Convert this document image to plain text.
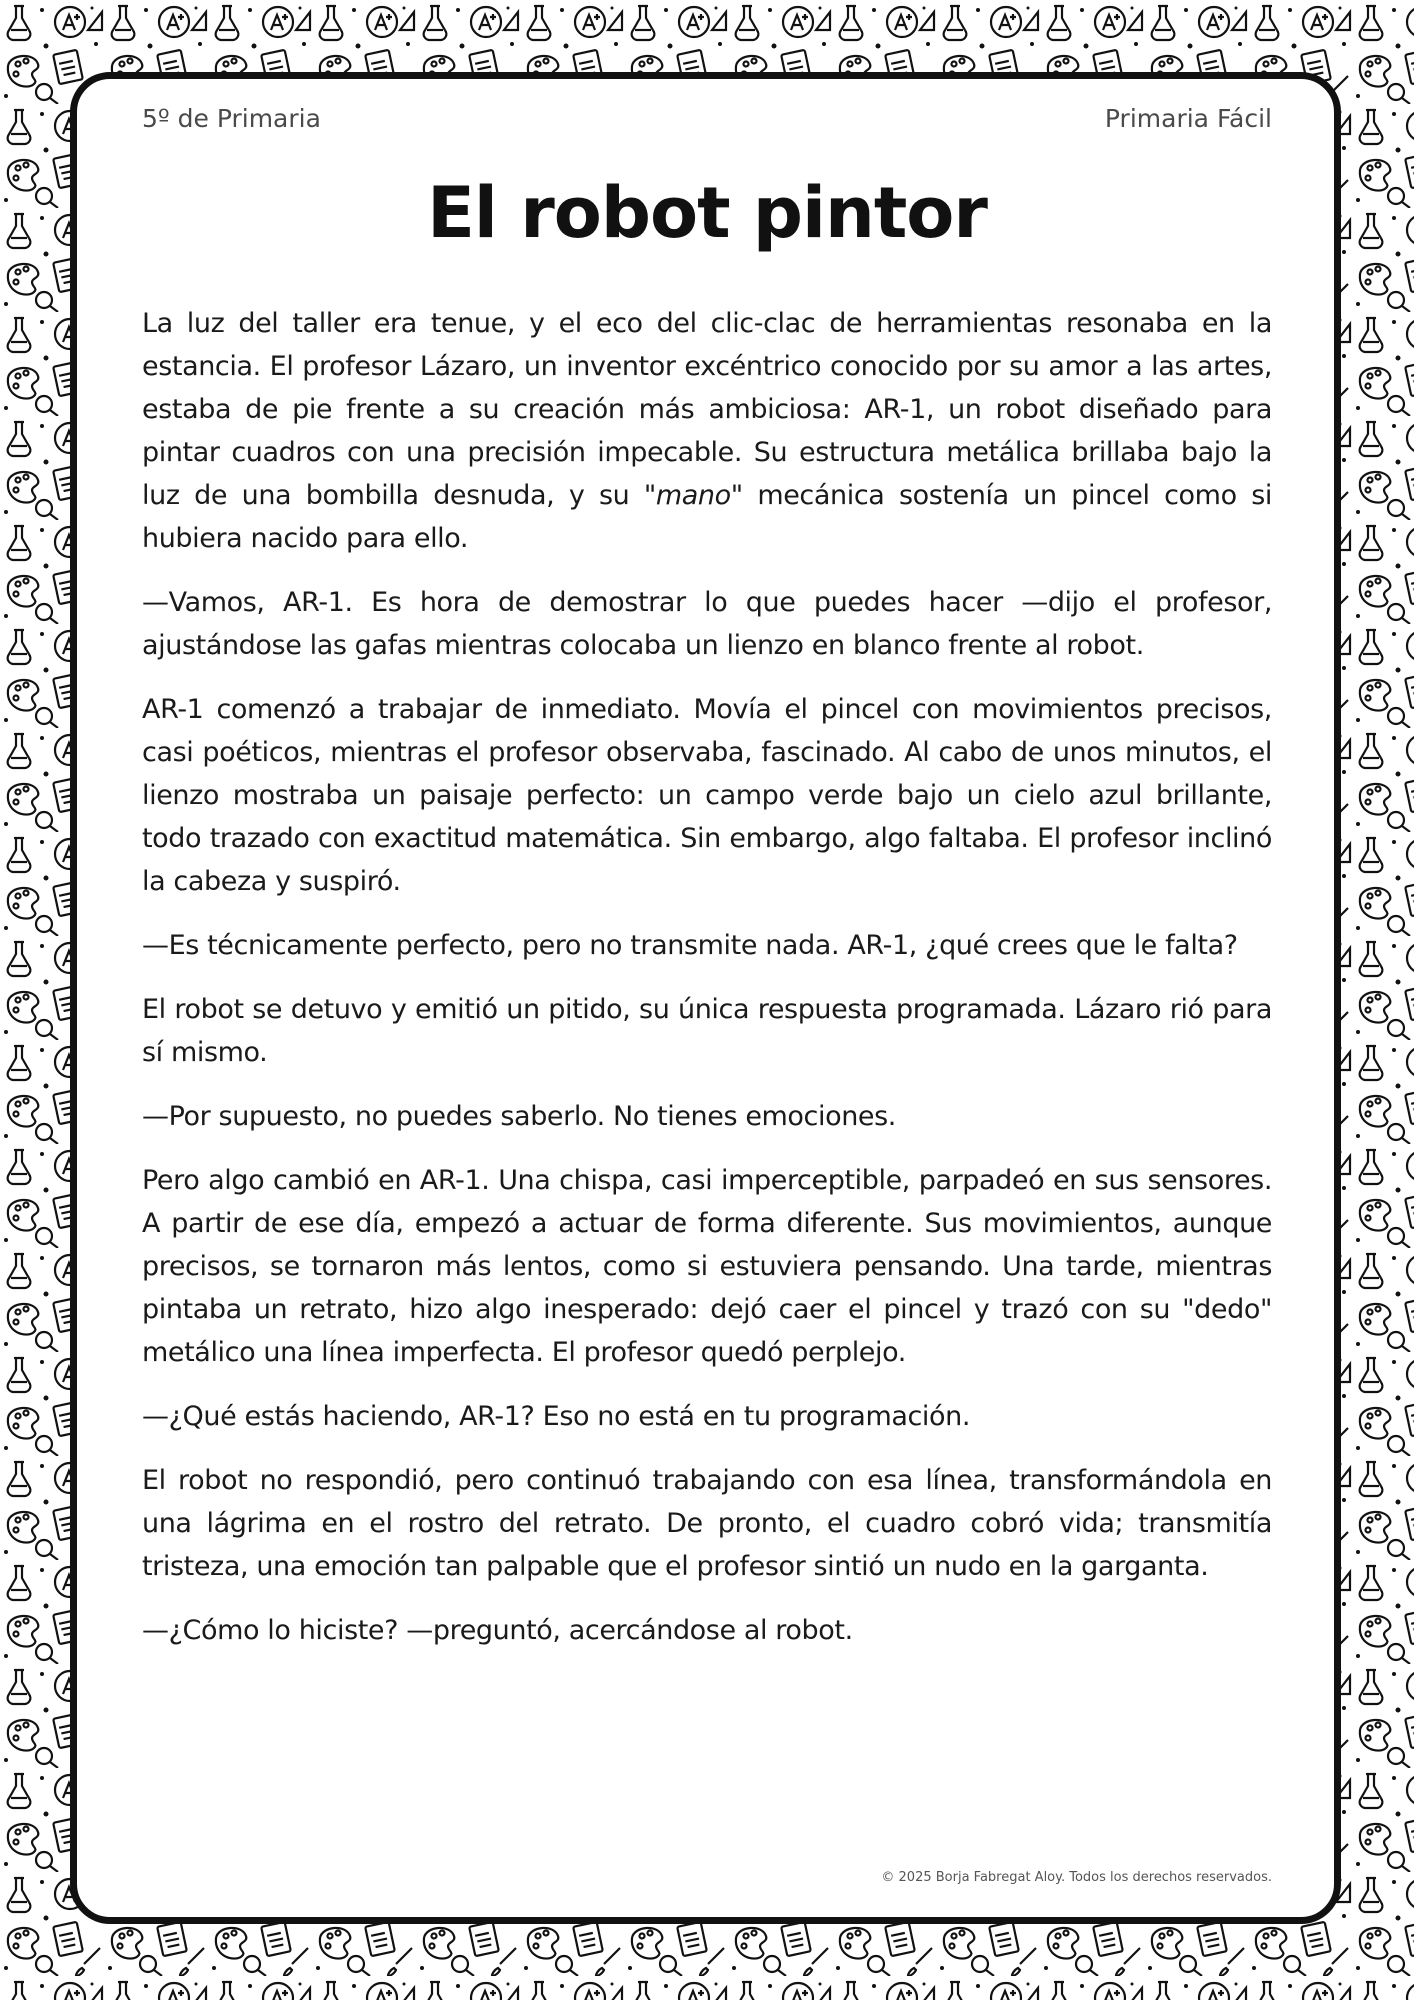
5º de Primaria	Primaria Fácil
El robot pintor

La luz del taller era tenue, y el eco del clic-clac de herramientas resonaba en la estancia. El profesor Lázaro, un inventor excéntrico conocido por su amor a las artes, estaba de pie frente a su creación más ambiciosa: AR-1, un robot diseñado para pintar cuadros con una precisión impecable. Su estructura metálica brillaba bajo la luz de una bombilla desnuda, y su "mano" mecánica sostenía un pincel como si hubiera nacido para ello.

—Vamos, AR-1. Es hora de demostrar lo que puedes hacer —dijo el profesor, ajustándose las gafas mientras colocaba un lienzo en blanco frente al robot.

AR-1 comenzó a trabajar de inmediato. Movía el pincel con movimientos precisos, casi poéticos, mientras el profesor observaba, fascinado. Al cabo de unos minutos, el lienzo mostraba un paisaje perfecto: un campo verde bajo un cielo azul brillante, todo trazado con exactitud matemática. Sin embargo, algo faltaba. El profesor inclinó la cabeza y suspiró.

—Es técnicamente perfecto, pero no transmite nada. AR-1, ¿qué crees que le falta?

El robot se detuvo y emitió un pitido, su única respuesta programada. Lázaro rió para sí mismo.

—Por supuesto, no puedes saberlo. No tienes emociones.

Pero algo cambió en AR-1. Una chispa, casi imperceptible, parpadeó en sus sensores. A partir de ese día, empezó a actuar de forma diferente. Sus movimientos, aunque precisos, se tornaron más lentos, como si estuviera pensando. Una tarde, mientras pintaba un retrato, hizo algo inesperado: dejó caer el pincel y trazó con su "dedo" metálico una línea imperfecta. El profesor quedó perplejo.

—¿Qué estás haciendo, AR-1? Eso no está en tu programación.

El robot no respondió, pero continuó trabajando con esa línea, transformándola en una lágrima en el rostro del retrato. De pronto, el cuadro cobró vida; transmitía tristeza, una emoción tan palpable que el profesor sintió un nudo en la garganta.

—¿Cómo lo hiciste? —preguntó, acercándose al robot.

© 2025 Borja Fabregat Aloy. Todos los derechos reservados.
